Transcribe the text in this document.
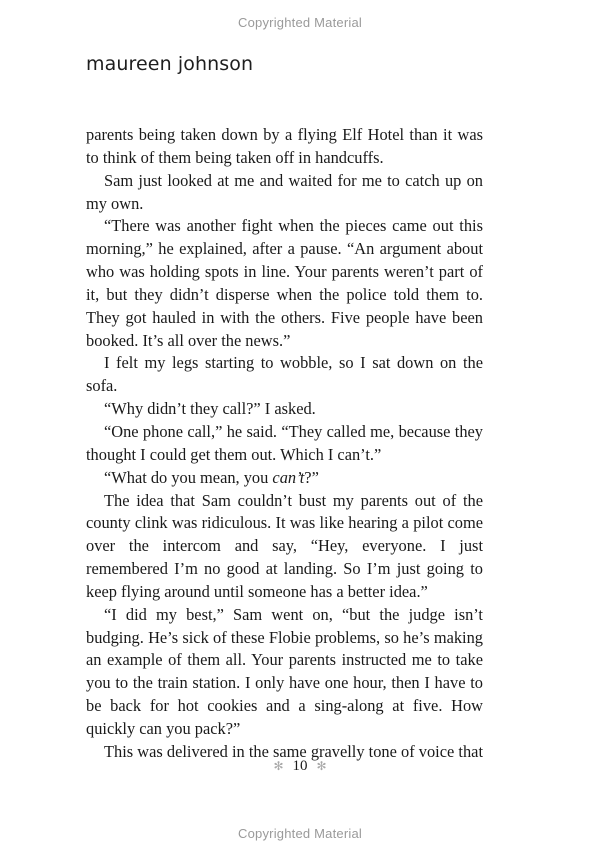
Copyrighted Material
maureen johnson

parents being taken down by a flying Elf Hotel than it was to think of them being taken off in handcuffs.

Sam just looked at me and waited for me to catch up on my own.

“There was another fight when the pieces came out this morning,” he explained, after a pause. “An argument about who was holding spots in line. Your parents weren’t part of it, but they didn’t disperse when the police told them to. They got hauled in with the others. Five people have been booked. It’s all over the news.”

I felt my legs starting to wobble, so I sat down on the sofa.

“Why didn’t they call?” I asked.

“One phone call,” he said. “They called me, because they thought I could get them out. Which I can’t.”

“What do you mean, you can’t?”

The idea that Sam couldn’t bust my parents out of the county clink was ridiculous. It was like hearing a pilot come over the intercom and say, “Hey, everyone. I just remembered I’m no good at landing. So I’m just going to keep flying around until someone has a better idea.”

“I did my best,” Sam went on, “but the judge isn’t budging. He’s sick of these Flobie problems, so he’s making an example of them all. Your parents instructed me to take you to the train station. I only have one hour, then I have to be back for hot cookies and a sing-along at five. How quickly can you pack?”

This was delivered in the same gravelly tone of voice that

✻ 10 ✻
Copyrighted Material
